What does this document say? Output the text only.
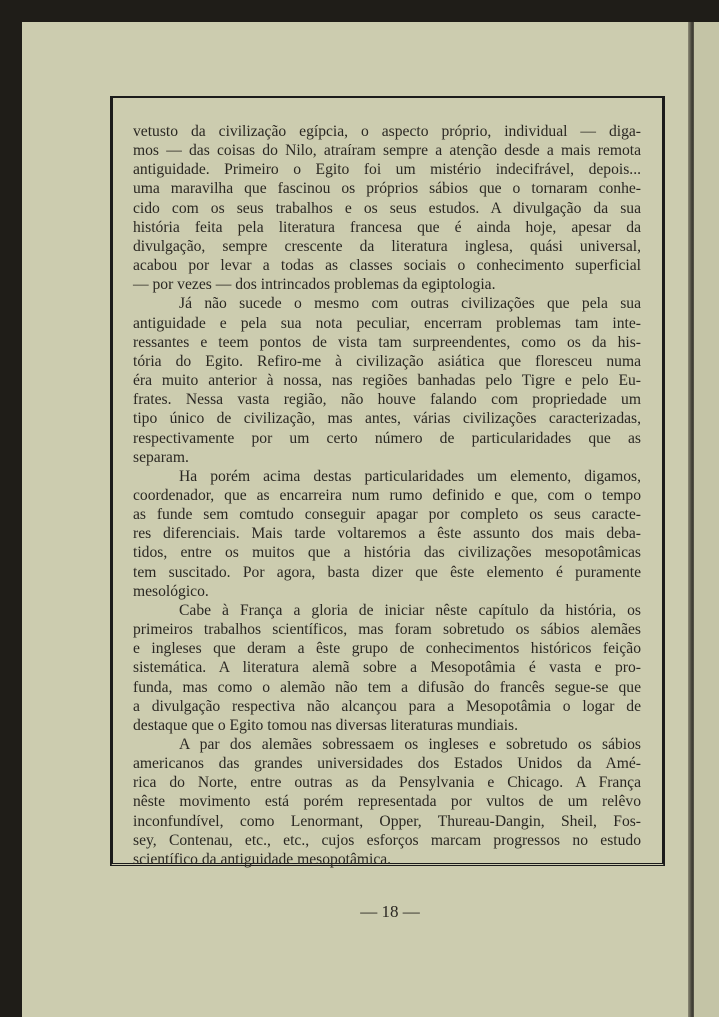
vetusto da civilização egípcia, o aspecto próprio, individual — diga-

mos — das coisas do Nilo, atraíram sempre a atenção desde a mais remota

antiguidade. Primeiro o Egito foi um mistério indecifrável, depois...

uma maravilha que fascinou os próprios sábios que o tornaram conhe-

cido com os seus trabalhos e os seus estudos. A divulgação da sua

história feita pela literatura francesa que é ainda hoje, apesar da

divulgação, sempre crescente da literatura inglesa, quási universal,

acabou por levar a todas as classes sociais o conhecimento superficial

— por vezes — dos intrincados problemas da egiptologia.

Já não sucede o mesmo com outras civilizações que pela sua

antiguidade e pela sua nota peculiar, encerram problemas tam inte-

ressantes e teem pontos de vista tam surpreendentes, como os da his-

tória do Egito. Refiro-me à civilização asiática que floresceu numa

éra muito anterior à nossa, nas regiões banhadas pelo Tigre e pelo Eu-

frates. Nessa vasta região, não houve falando com propriedade um

tipo único de civilização, mas antes, várias civilizações caracterizadas,

respectivamente por um certo número de particularidades que as

separam.

Ha porém acima destas particularidades um elemento, digamos,

coordenador, que as encarreira num rumo definido e que, com o tempo

as funde sem comtudo conseguir apagar por completo os seus caracte-

res diferenciais. Mais tarde voltaremos a êste assunto dos mais deba-

tidos, entre os muitos que a história das civilizações mesopotâmicas

tem suscitado. Por agora, basta dizer que êste elemento é puramente

mesológico.

Cabe à França a gloria de iniciar nêste capítulo da história, os

primeiros trabalhos scientíficos, mas foram sobretudo os sábios alemães

e ingleses que deram a êste grupo de conhecimentos históricos feição

sistemática. A literatura alemã sobre a Mesopotâmia é vasta e pro-

funda, mas como o alemão não tem a difusão do francês segue-se que

a divulgação respectiva não alcançou para a Mesopotâmia o logar de

destaque que o Egito tomou nas diversas literaturas mundiais.

A par dos alemães sobressaem os ingleses e sobretudo os sábios

americanos das grandes universidades dos Estados Unidos da Amé-

rica do Norte, entre outras as da Pensylvania e Chicago. A França

nêste movimento está porém representada por vultos de um relêvo

inconfundível, como Lenormant, Opper, Thureau-Dangin, Sheil, Fos-

sey, Contenau, etc., etc., cujos esforços marcam progressos no estudo

scientífico da antiguidade mesopotâmica.

— 18 —
